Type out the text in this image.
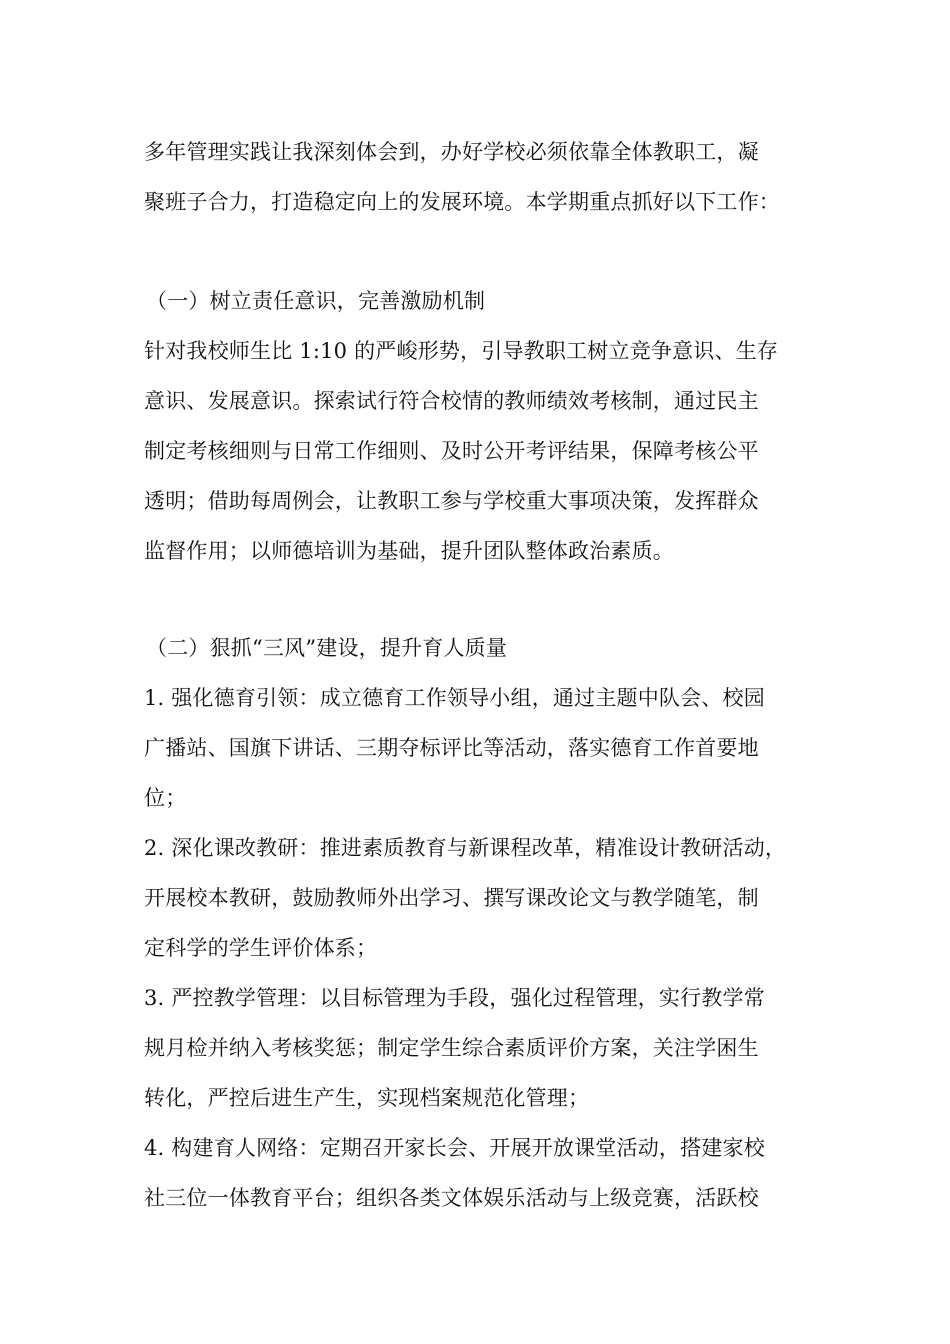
多年管理实践让我深刻体会到，办好学校必须依靠全体教职工，凝
聚班子合力，打造稳定向上的发展环境。本学期重点抓好以下工作：
（一）树立责任意识，完善激励机制
针对我校师生比 1:10 的严峻形势，引导教职工树立竞争意识、生存
意识、发展意识。探索试行符合校情的教师绩效考核制，通过民主
制定考核细则与日常工作细则、及时公开考评结果，保障考核公平
透明；借助每周例会，让教职工参与学校重大事项决策，发挥群众
监督作用；以师德培训为基础，提升团队整体政治素质。
（二）狠抓“三风”建设，提升育人质量
1. 强化德育引领：成立德育工作领导小组，通过主题中队会、校园
广播站、国旗下讲话、三期夺标评比等活动，落实德育工作首要地
位；
2. 深化课改教研：推进素质教育与新课程改革，精准设计教研活动，
开展校本教研，鼓励教师外出学习、撰写课改论文与教学随笔，制
定科学的学生评价体系；
3. 严控教学管理：以目标管理为手段，强化过程管理，实行教学常
规月检并纳入考核奖惩；制定学生综合素质评价方案，关注学困生
转化，严控后进生产生，实现档案规范化管理；
4. 构建育人网络：定期召开家长会、开展开放课堂活动，搭建家校
社三位一体教育平台；组织各类文体娱乐活动与上级竞赛，活跃校
